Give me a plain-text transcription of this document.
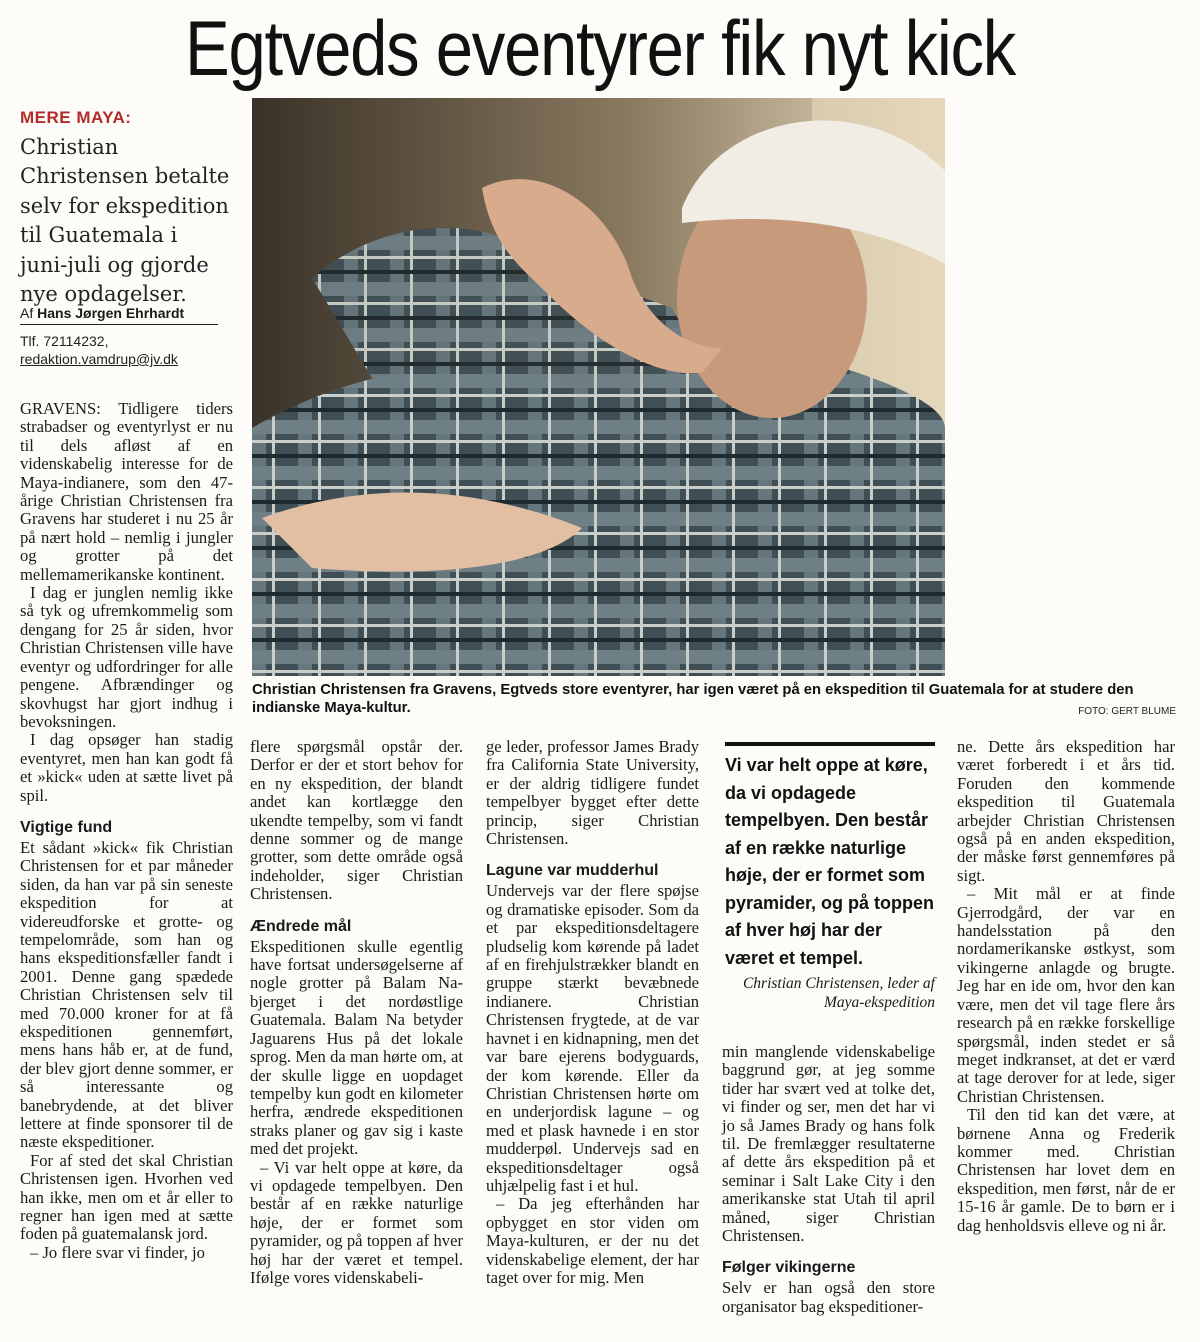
Egtveds eventyrer fik nyt kick
MERE MAYA: Christian Christensen betalte selv for ekspedition til Guatemala i juni-juli og gjorde nye opdagelser.
Af Hans Jørgen Ehrhardt
Tlf. 72114232,
redaktion.vamdrup@jv.dk

GRAVENS: Tidligere tiders strabadser og eventyrlyst er nu til dels afløst af en videnskabelig interesse for de Maya-indianere, som den 47-årige Christian Christensen fra Gravens har studeret i nu 25 år på nært hold – nemlig i jungler og grotter på det mellemamerikanske kontinent.

I dag er junglen nemlig ikke så tyk og ufremkommelig som dengang for 25 år siden, hvor Christian Christensen ville have eventyr og udfordringer for alle pengene. Afbrændinger og skovhugst har gjort indhug i bevoksningen.

I dag opsøger han stadig eventyret, men han kan godt få et »kick« uden at sætte livet på spil.

Vigtige fund

Et sådant »kick« fik Christian Christensen for et par måneder siden, da han var på sin seneste ekspedition for at videreudforske et grotte- og tempelområde, som han og hans ekspeditionsfæller fandt i 2001. Denne gang spædede Christian Christensen selv til med 70.000 kroner for at få ekspeditionen gennemført, mens hans håb er, at de fund, der blev gjort denne sommer, er så interessante og banebrydende, at det bliver lettere at finde sponsorer til de næste ekspeditioner.

For af sted det skal Christian Christensen igen. Hvorhen ved han ikke, men om et år eller to regner han igen med at sætte foden på guatemalansk jord.

– Jo flere svar vi finder, jo

Christian Christensen fra Gravens, Egtveds store eventyrer, har igen været på en ekspedition til Guatemala for at studere den indianske Maya-kultur.	FOTO: GERT BLUME

flere spørgsmål opstår der. Derfor er der et stort behov for en ny ekspedition, der blandt andet kan kortlægge den ukendte tempelby, som vi fandt denne sommer og de mange grotter, som dette område også indeholder, siger Christian Christensen.

Ændrede mål

Ekspeditionen skulle egentlig have fortsat undersøgelserne af nogle grotter på Balam Na-bjerget i det nordøstlige Guatemala. Balam Na betyder Jaguarens Hus på det lokale sprog. Men da man hørte om, at der skulle ligge en uopdaget tempelby kun godt en kilometer herfra, ændrede ekspeditionen straks planer og gav sig i kaste med det projekt.

– Vi var helt oppe at køre, da vi opdagede tempelbyen. Den består af en række naturlige høje, der er formet som pyramider, og på toppen af hver høj har der været et tempel. Ifølge vores videnskabeli-

ge leder, professor James Brady fra California State University, er der aldrig tidligere fundet tempelbyer bygget efter dette princip, siger Christian Christensen.

Lagune var mudderhul

Undervejs var der flere spøjse og dramatiske episoder. Som da et par ekspeditionsdeltagere pludselig kom kørende på ladet af en firehjulstrækker blandt en gruppe stærkt bevæbnede indianere. Christian Christensen frygtede, at de var havnet i en kidnapning, men det var bare ejerens bodyguards, der kom kørende. Eller da Christian Christensen hørte om en underjordisk lagune – og med et plask havnede i en stor mudderpøl. Undervejs sad en ekspeditionsdeltager også uhjælpelig fast i et hul.

– Da jeg efterhånden har opbygget en stor viden om Maya-kulturen, er der nu det videnskabelige element, der har taget over for mig. Men

Vi var helt oppe at køre, da vi opdagede tempelbyen. Den består af en række naturlige høje, der er formet som pyramider, og på toppen af hver høj har der været et tempel.
Christian Christensen, leder af Maya-ekspedition

min manglende videnskabelige baggrund gør, at jeg somme tider har svært ved at tolke det, vi finder og ser, men det har vi jo så James Brady og hans folk til. De fremlægger resultaterne af dette års ekspedition på et seminar i Salt Lake City i den amerikanske stat Utah til april måned, siger Christian Christensen.

Følger vikingerne

Selv er han også den store organisator bag ekspeditioner-

ne. Dette års ekspedition har været forberedt i et års tid. Foruden den kommende ekspedition til Guatemala arbejder Christian Christensen også på en anden ekspedition, der måske først gennemføres på sigt.

– Mit mål er at finde Gjerrodgård, der var en handelsstation på den nordamerikanske østkyst, som vikingerne anlagde og brugte. Jeg har en ide om, hvor den kan være, men det vil tage flere års research på en række forskellige spørgsmål, inden stedet er så meget indkranset, at det er værd at tage derover for at lede, siger Christian Christensen.

Til den tid kan det være, at børnene Anna og Frederik kommer med. Christian Christensen har lovet dem en ekspedition, men først, når de er 15-16 år gamle. De to børn er i dag henholdsvis elleve og ni år.
